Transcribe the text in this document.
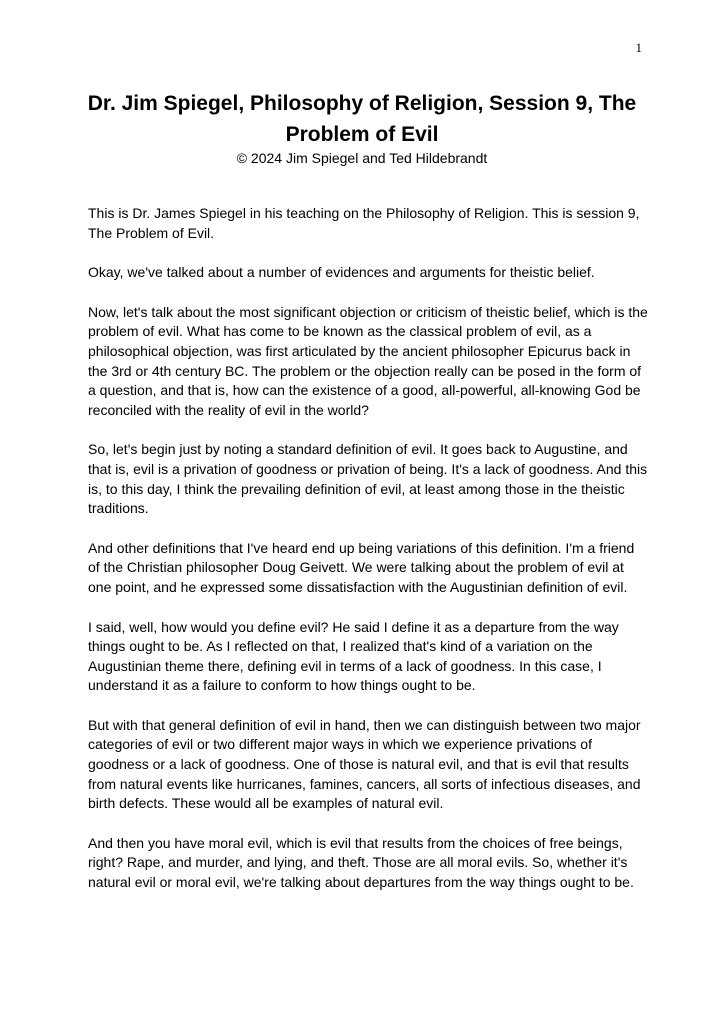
1
Dr. Jim Spiegel, Philosophy of Religion, Session 9, The Problem of Evil
© 2024 Jim Spiegel and Ted Hildebrandt

This is Dr. James Spiegel in his teaching on the Philosophy of Religion. This is session 9, The Problem of Evil.

Okay, we've talked about a number of evidences and arguments for theistic belief.

Now, let's talk about the most significant objection or criticism of theistic belief, which is the problem of evil. What has come to be known as the classical problem of evil, as a philosophical objection, was first articulated by the ancient philosopher Epicurus back in the 3rd or 4th century BC. The problem or the objection really can be posed in the form of a question, and that is, how can the existence of a good, all-powerful, all-knowing God be reconciled with the reality of evil in the world?

So, let's begin just by noting a standard definition of evil. It goes back to Augustine, and that is, evil is a privation of goodness or privation of being. It's a lack of goodness. And this is, to this day, I think the prevailing definition of evil, at least among those in the theistic traditions.

And other definitions that I've heard end up being variations of this definition. I'm a friend of the Christian philosopher Doug Geivett. We were talking about the problem of evil at one point, and he expressed some dissatisfaction with the Augustinian definition of evil.

I said, well, how would you define evil? He said I define it as a departure from the way things ought to be. As I reflected on that, I realized that's kind of a variation on the Augustinian theme there, defining evil in terms of a lack of goodness. In this case, I understand it as a failure to conform to how things ought to be.

But with that general definition of evil in hand, then we can distinguish between two major categories of evil or two different major ways in which we experience privations of goodness or a lack of goodness. One of those is natural evil, and that is evil that results from natural events like hurricanes, famines, cancers, all sorts of infectious diseases, and birth defects. These would all be examples of natural evil.

And then you have moral evil, which is evil that results from the choices of free beings, right? Rape, and murder, and lying, and theft. Those are all moral evils. So, whether it's natural evil or moral evil, we're talking about departures from the way things ought to be.
